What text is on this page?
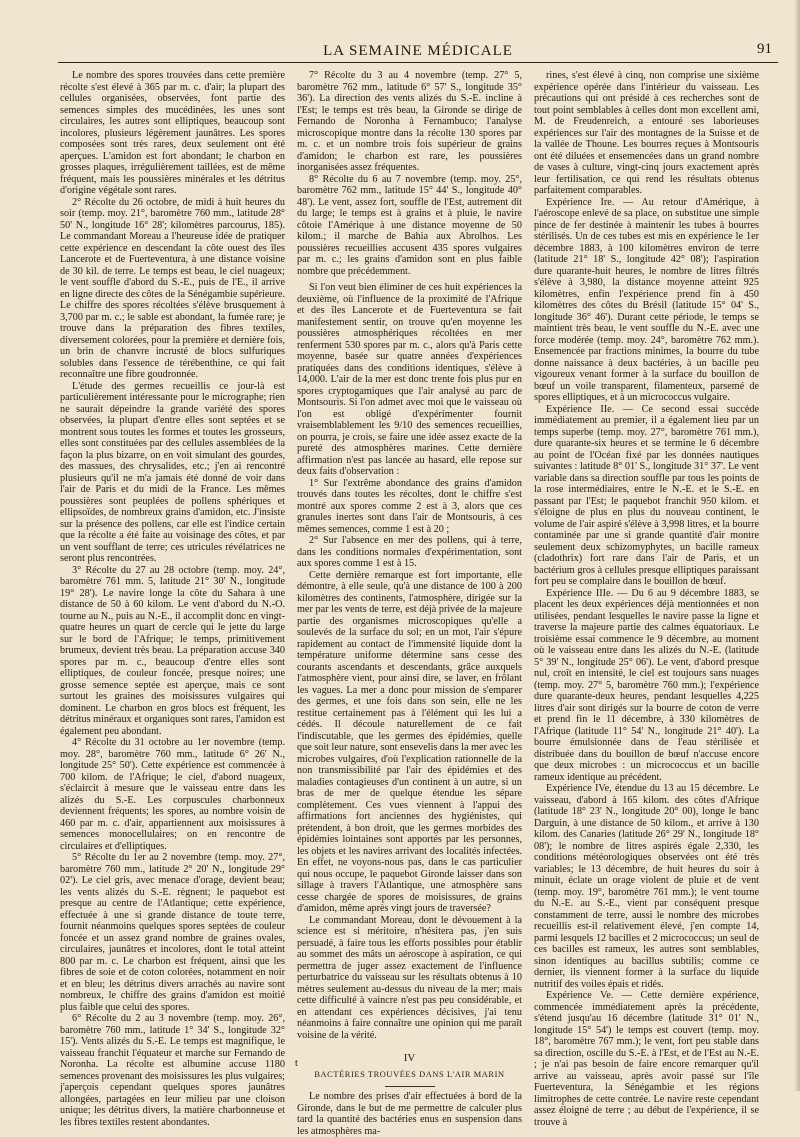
LA SEMAINE MÉDICALE	91

Le nombre des spores trouvées dans cette première récolte s'est élevé à 365 par m. c. d'air; la plupart des cellules organisées, observées, font partie des semences simples des mucédinées, les unes sont circulaires, les autres sont elliptiques, beaucoup sont incolores, plusieurs légèrement jaunâtres. Les spores composées sont très rares, deux seulement ont été aperçues. L'amidon est fort abondant; le charbon en grosses plaques, irrégulièrement taillées, est de même fréquent, mais les poussières minérales et les détritus d'origine végétale sont rares.

2° Récolte du 26 octobre, de midi à huit heures du soir (temp. moy. 21°, baromètre 760 mm., latitude 28° 50' N., longitude 16° 28'; kilomètres parcourus, 185). Le commandant Moreau a l'heureuse idée de pratiquer cette expérience en descendant la côte ouest des îles Lancerote et de Fuerteventura, à une distance voisine de 30 kil. de terre. Le temps est beau, le ciel nuageux; le vent souffle d'abord du S.-E., puis de l'E., il arrive en ligne directe des côtes de la Sénégambie supérieure. Le chiffre des spores récoltées s'élève brusquement à 3,700 par m. c.; le sable est abondant, la fumée rare; je trouve dans la préparation des fibres textiles, diversement colorées, pour la première et dernière fois, un brin de chanvre incrusté de blocs sulfuriques solubles dans l'essence de térébenthine, ce qui fait reconnaître une fibre goudronnée.

L'étude des germes recueillis ce jour-là est particulièrement intéressante pour le micrographe; rien ne saurait dépeindre la grande variété des spores observées, la plupart d'entre elles sont septées et se montrent sous toutes les formes et toutes les grosseurs, elles sont constituées par des cellules assemblées de la façon la plus bizarre, on en voit simulant des gourdes, des massues, des chrysalides, etc.; j'en ai rencontré plusieurs qu'il ne m'a jamais été donné de voir dans l'air de Paris et du midi de la France. Les mêmes poussières sont peuplées de pollens sphériques et ellipsoïdes, de nombreux grains d'amidon, etc. J'insiste sur la présence des pollens, car elle est l'indice certain que la récolte a été faite au voisinage des côtes, et par un vent soufflant de terre; ces utricules révélatrices ne seront plus rencontrées.

3° Récolte du 27 au 28 octobre (temp. moy. 24°, baromètre 761 mm. 5, latitude 21° 30' N., longitude 19° 28'). Le navire longe la côte du Sahara à une distance de 50 à 60 kilom. Le vent d'abord du N.-O. tourne au N., puis au N.-E., il accomplit donc en vingt-quatre heures un quart de cercle qui le jette du large sur le bord de l'Afrique; le temps, primitivement brumeux, devient très beau. La préparation accuse 340 spores par m. c., beaucoup d'entre elles sont elliptiques, de couleur foncée, presque noires; une grosse semence septée est aperçue, mais ce sont surtout les graines des moisissures vulgaires qui dominent. Le charbon en gros blocs est fréquent, les détritus minéraux et organiques sont rares, l'amidon est également peu abondant.

4° Récolte du 31 octobre au 1er novembre (temp. moy. 28°, baromètre 760 mm., latitude 6° 26' N., longitude 25° 50'). Cette expérience est commencée à 700 kilom. de l'Afrique; le ciel, d'abord nuageux, s'éclaircit à mesure que le vaisseau entre dans les alizés du S.-E. Les corpuscules charbonneux deviennent fréquents; les spores, au nombre voisin de 460 par m. c. d'air, appartiennent aux moisissures à semences monocellulaires; on en rencontre de circulaires et d'elliptiques.

5° Récolte du 1er au 2 novembre (temp. moy. 27°, baromètre 760 mm., latitude 2° 20' N., longitude 29° 02'). Le ciel gris, avec menace d'orage, devient beau; les vents alizés du S.-E. règnent; le paquebot est presque au centre de l'Atlantique; cette expérience, effectuée à une si grande distance de toute terre, fournit néanmoins quelques spores septées de couleur foncée et un assez grand nombre de graines ovales, circulaires, jaunâtres et incolores, dont le total atteint 800 par m. c. Le charbon est fréquent, ainsi que les fibres de soie et de coton colorées, notamment en noir et en bleu; les détritus divers arrachés au navire sont nombreux, le chiffre des grains d'amidon est moitié plus faible que celui des spores.

6° Récolte du 2 au 3 novembre (temp. moy. 26°, baromètre 760 mm., latitude 1° 34' S., longitude 32° 15'). Vents alizés du S.-E. Le temps est magnifique, le vaisseau franchit l'équateur et marche sur Fernando de Noronha. La récolte est albumine accuse 1180 semences provenant des moisissures les plus vulgaires; j'aperçois cependant quelques spores jaunâtres allongées, partagées en leur milieu par une cloison unique; les détritus divers, la matière charbonneuse et les fibres textiles restent abondantes.

7° Récolte du 3 au 4 novembre (temp. 27° 5, baromètre 762 mm., latitude 6° 57' S., longitude 35° 36'). La direction des vents alizés du S.-E. incline à l'Est; le temps est très beau, la Gironde se dirige de Fernando de Noronha à Fernambuco; l'analyse microscopique montre dans la récolte 130 spores par m. c. et un nombre trois fois supérieur de grains d'amidon; le charbon est rare, les poussières inorganisées assez fréquentes.

8° Récolte du 6 au 7 novembre (temp. moy. 25°, baromètre 762 mm., latitude 15° 44' S., longitude 40° 48'). Le vent, assez fort, souffle de l'Est, autrement dit du large; le temps est à grains et à pluie, le navire côtoie l'Amérique à une distance moyenne de 50 kilom.; il marche de Bahia aux Abrolhos. Les poussières recueillies accusent 435 spores vulgaires par m. c.; les grains d'amidon sont en plus faible nombre que précédemment.

Si l'on veut bien éliminer de ces huit expériences la deuxième, où l'influence de la proximité de l'Afrique et des îles Lancerote et de Fuerteventura se fait manifestement sentir, on trouve qu'en moyenne les poussières atmosphériques récoltées en mer renferment 530 spores par m. c., alors qu'à Paris cette moyenne, basée sur quatre années d'expériences pratiquées dans des conditions identiques, s'élève à 14,000. L'air de la mer est donc trente fois plus pur en spores cryptogamiques que l'air analysé au parc de Montsouris. Si l'on admet avec moi que le vaisseau où l'on est obligé d'expérimenter fournit vraisemblablement les 9/10 des semences recueillies, on pourra, je crois, se faire une idée assez exacte de la pureté des atmosphères marines. Cette dernière affirmation n'est pas lancée au hasard, elle repose sur deux faits d'observation :

1° Sur l'extrême abondance des grains d'amidon trouvés dans toutes les récoltes, dont le chiffre s'est montré aux spores comme 2 est à 3, alors que ces granules inertes sont dans l'air de Montsouris, à ces mêmes semences, comme 1 est à 20 ;

2° Sur l'absence en mer des pollens, qui à terre, dans les conditions normales d'expérimentation, sont aux spores comme 1 est à 15.

Cette dernière remarque est fort importante, elle démontre, à elle seule, qu'à une distance de 100 à 200 kilomètres des continents, l'atmosphère, dirigée sur la mer par les vents de terre, est déjà privée de la majeure partie des organismes microscopiques qu'elle a soulevés de la surface du sol; en un mot, l'air s'épure rapidement au contact de l'immensité liquide dont la température uniforme détermine sans cesse des courants ascendants et descendants, grâce auxquels l'atmosphère vient, pour ainsi dire, se laver, en frôlant les vagues. La mer a donc pour mission de s'emparer des germes, et une fois dans son sein, elle ne les restitue certainement pas à l'élément qui les lui a cédés. Il découle naturellement de ce fait l'indiscutable, que les germes des épidémies, quelle que soit leur nature, sont ensevelis dans la mer avec les microbes vulgaires, d'où l'explication rationnelle de la non transmissibilité par l'air des épidémies et des maladies contagieuses d'un continent à un autre, si un bras de mer de quelque étendue les sépare complètement. Ces vues viennent à l'appui des affirmations fort anciennes des hygiénistes, qui prétendent, à bon droit, que les germes morbides des épidémies lointaines sont apportés par les personnes, les objets et les navires arrivant des localités infectées. En effet, ne voyons-nous pas, dans le cas particulier qui nous occupe, le paquebot Gironde laisser dans son sillage à travers l'Atlantique, une atmosphère sans cesse chargée de spores de moisissures, de grains d'amidon, même après vingt jours de traversée?

Le commandant Moreau, dont le dévouement à la science est si méritoire, n'hésitera pas, j'en suis persuadé, à faire tous les efforts possibles pour établir au sommet des mâts un aéroscope à aspiration, ce qui permettra de juger assez exactement de l'influence perturbatrice du vaisseau sur les résultats obtenus à 10 mètres seulement au-dessus du niveau de la mer; mais cette difficulté à vaincre n'est pas peu considérable, et en attendant ces expériences décisives, j'ai tenu néanmoins à faire connaître une opinion qui me paraît voisine de la vérité.

IV
BACTÉRIES TROUVÉES DANS L'AIR MARIN

Le nombre des prises d'air effectuées à bord de la Gironde, dans le but de me permettre de calculer plus tard la quantité des bactéries enus en suspension dans les atmosphères ma-

rines, s'est élevé à cinq, non comprise une sixième expérience opérée dans l'intérieur du vaisseau. Les précautions qui ont présidé à ces recherches sont de tout point semblables à celles dont mon excellent ami, M. de Freudenreich, a entouré ses laborieuses expériences sur l'air des montagnes de la Suisse et de la vallée de Thoune. Les bourres reçues à Montsouris ont été diluées et ensemencées dans un grand nombre de vases à culture, vingt-cinq jours exactement après leur fertilisation, ce qui rend les résultats obtenus parfaitement comparables.

Expérience Ire. — Au retour d'Amérique, à l'aéroscope enlevé de sa place, on substitue une simple pince de fer destinée à maintenir les tubes à bourres stérilisés. Un de ces tubes est mis en expérience le 1er décembre 1883, à 100 kilomètres environ de terre (latitude 21° 18' S., longitude 42° 08'); l'aspiration dure quarante-huit heures, le nombre de litres filtrés s'élève à 3,980, la distance moyenne atteint 925 kilomètres, enfin l'expérience prend fin à 450 kilomètres des côtes du Brésil (latitude 15° 04' S., longitude 36° 46'). Durant cette période, le temps se maintient très beau, le vent souffle du N.-E. avec une force modérée (temp. moy. 24°, baromètre 762 mm.). Ensemencée par fractions minimes, la bourre du tube donne naissance à deux bactéries, à un bacille peu vigoureux venant former à la surface du bouillon de bœuf un voile transparent, filamenteux, parsemé de spores elliptiques, et à un micrococcus vulgaire.

Expérience IIe. — Ce second essai succède immédiatement au premier, il a également lieu par un temps superbe (temp. moy. 27°, baromètre 761 mm.), dure quarante-six heures et se termine le 6 décembre au point de l'Océan fixé par les données nautiques suivantes : latitude 8° 01' S., longitude 31° 37'. Le vent variable dans sa direction souffle par tous les points de la rose intermédiaires, entre le N.-E. et le S.-E. en passant par l'Est; le paquebot franchit 950 kilom. et s'éloigne de plus en plus du nouveau continent, le volume de l'air aspiré s'élève à 3,998 litres, et la bourre contaminée par une si grande quantité d'air montre seulement deux schizomyphytes, un bacille rameux (cladothrix) fort rare dans l'air de Paris, et un bactérium gros à cellules presque elliptiques paraissant fort peu se complaire dans le bouillon de bœuf.

Expérience IIIe. — Du 6 au 9 décembre 1883, se placent les deux expériences déjà mentionnées et non utilisées, pendant lesquelles le navire passe la ligne et traverse la majeure partie des calmes équatoriaux. Le troisième essai commence le 9 décembre, au moment où le vaisseau entre dans les alizés du N.-E. (latitude 5° 39' N., longitude 25° 06'). Le vent, d'abord presque nul, croît en intensité, le ciel est toujours sans nuages (temp. moy. 27° 5, baromètre 760 mm.); l'expérience dure quarante-deux heures, pendant lesquelles 4,225 litres d'air sont dirigés sur la bourre de coton de verre et prend fin le 11 décembre, à 330 kilomètres de l'Afrique (latitude 11° 54' N., longitude 21° 40'). La bourre émulsionnée dans de l'eau stérilisée et distribuée dans du bouillon de bœuf n'accuse encore que deux microbes : un micrococcus et un bacille rameux identique au précédent.

Expérience IVe, étendue du 13 au 15 décembre. Le vaisseau, d'abord à 165 kilom. des côtes d'Afrique (latitude 18° 23' N., longitude 20° 00), longe le banc Darguin, à une distance de 50 kilom., et arrive à 130 kilom. des Canaries (latitude 26° 29' N., longitude 18° 08'); le nombre de litres aspirés égale 2,330, les conditions météorologiques observées ont été très variables; le 13 décembre, de huit heures du soir à minuit, éclate un orage violent de pluie et de vent (temp. moy. 19°, baromètre 761 mm.); le vent tourne du N.-E. au S.-E., vient par conséquent presque constamment de terre, aussi le nombre des microbes recueillis est-il relativement élevé, j'en compte 14, parmi lesquels 12 bacilles et 2 micrococcus; un seul de ces bacilles est rameux, les autres sont semblables, sinon identiques au bacillus subtilis; comme ce dernier, ils viennent former à la surface du liquide nutritif des voiles épais et ridés.

Expérience Ve. — Cette dernière expérience, commencée immédiatement après la précédente, s'étend jusqu'au 16 décembre (latitude 31° 01' N., longitude 15° 54') le temps est couvert (temp. moy. 18°, baromètre 767 mm.); le vent, fort peu stable dans sa direction, oscille du S.-E. à l'Est, et de l'Est au N.-E. ; je n'ai pas besoin de faire encore remarquer qu'il arrive au vaisseau, après avoir passé sur l'île Fuerteventura, la Sénégambie et les régions limitrophes de cette contrée. Le navire reste cependant assez éloigné de terre ; au début de l'expérience, il se trouve à

t
